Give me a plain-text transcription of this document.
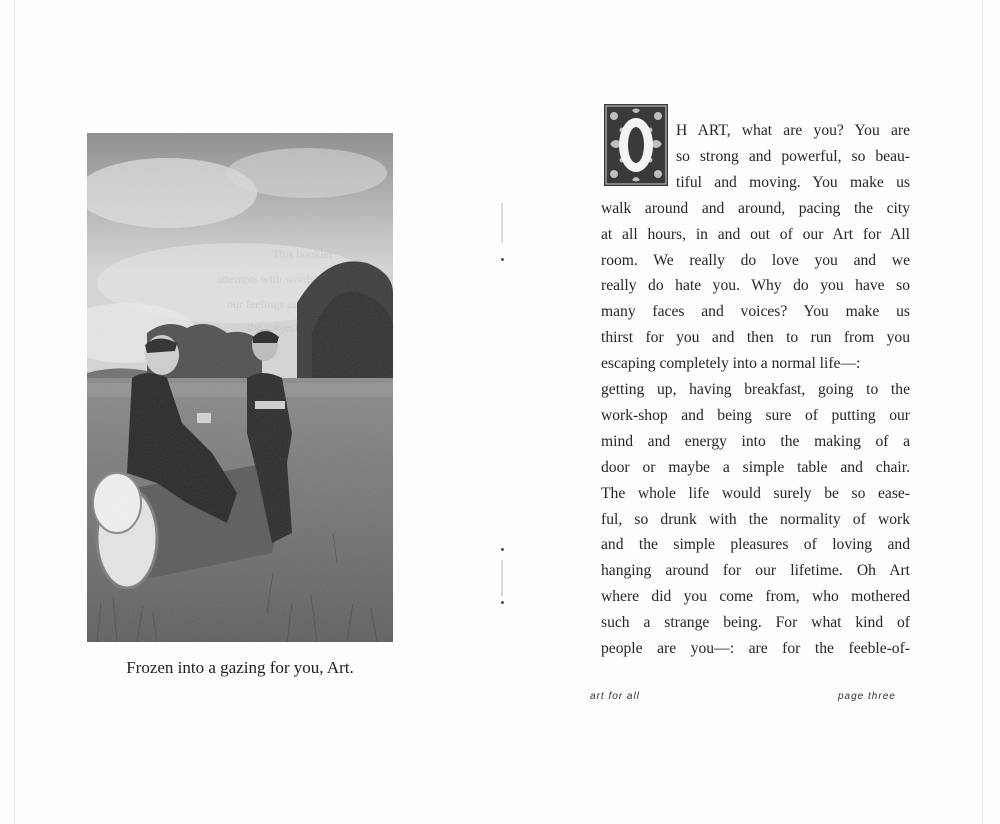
Frozen into a gazing for you, Art.
O
H ART, what are you? You are
so strong and powerful, so beau-
tiful and moving. You make us
walk around and around, pacing the city
at all hours, in and out of our Art for All
room. We really do love you and we
really do hate you. Why do you have so
many faces and voices? You make us
thirst for you and then to run from you
escaping completely into a normal life—:
getting up, having breakfast, going to the
work-shop and being sure of putting our
mind and energy into the making of a
door or maybe a simple table and chair.
The whole life would surely be so ease-
ful, so drunk with the normality of work
and the simple pleasures of loving and
hanging around for our lifetime. Oh Art
where did you come from, who mothered
such a strange being. For what kind of
people are you—: are for the feeble-of-
art for all	page three
